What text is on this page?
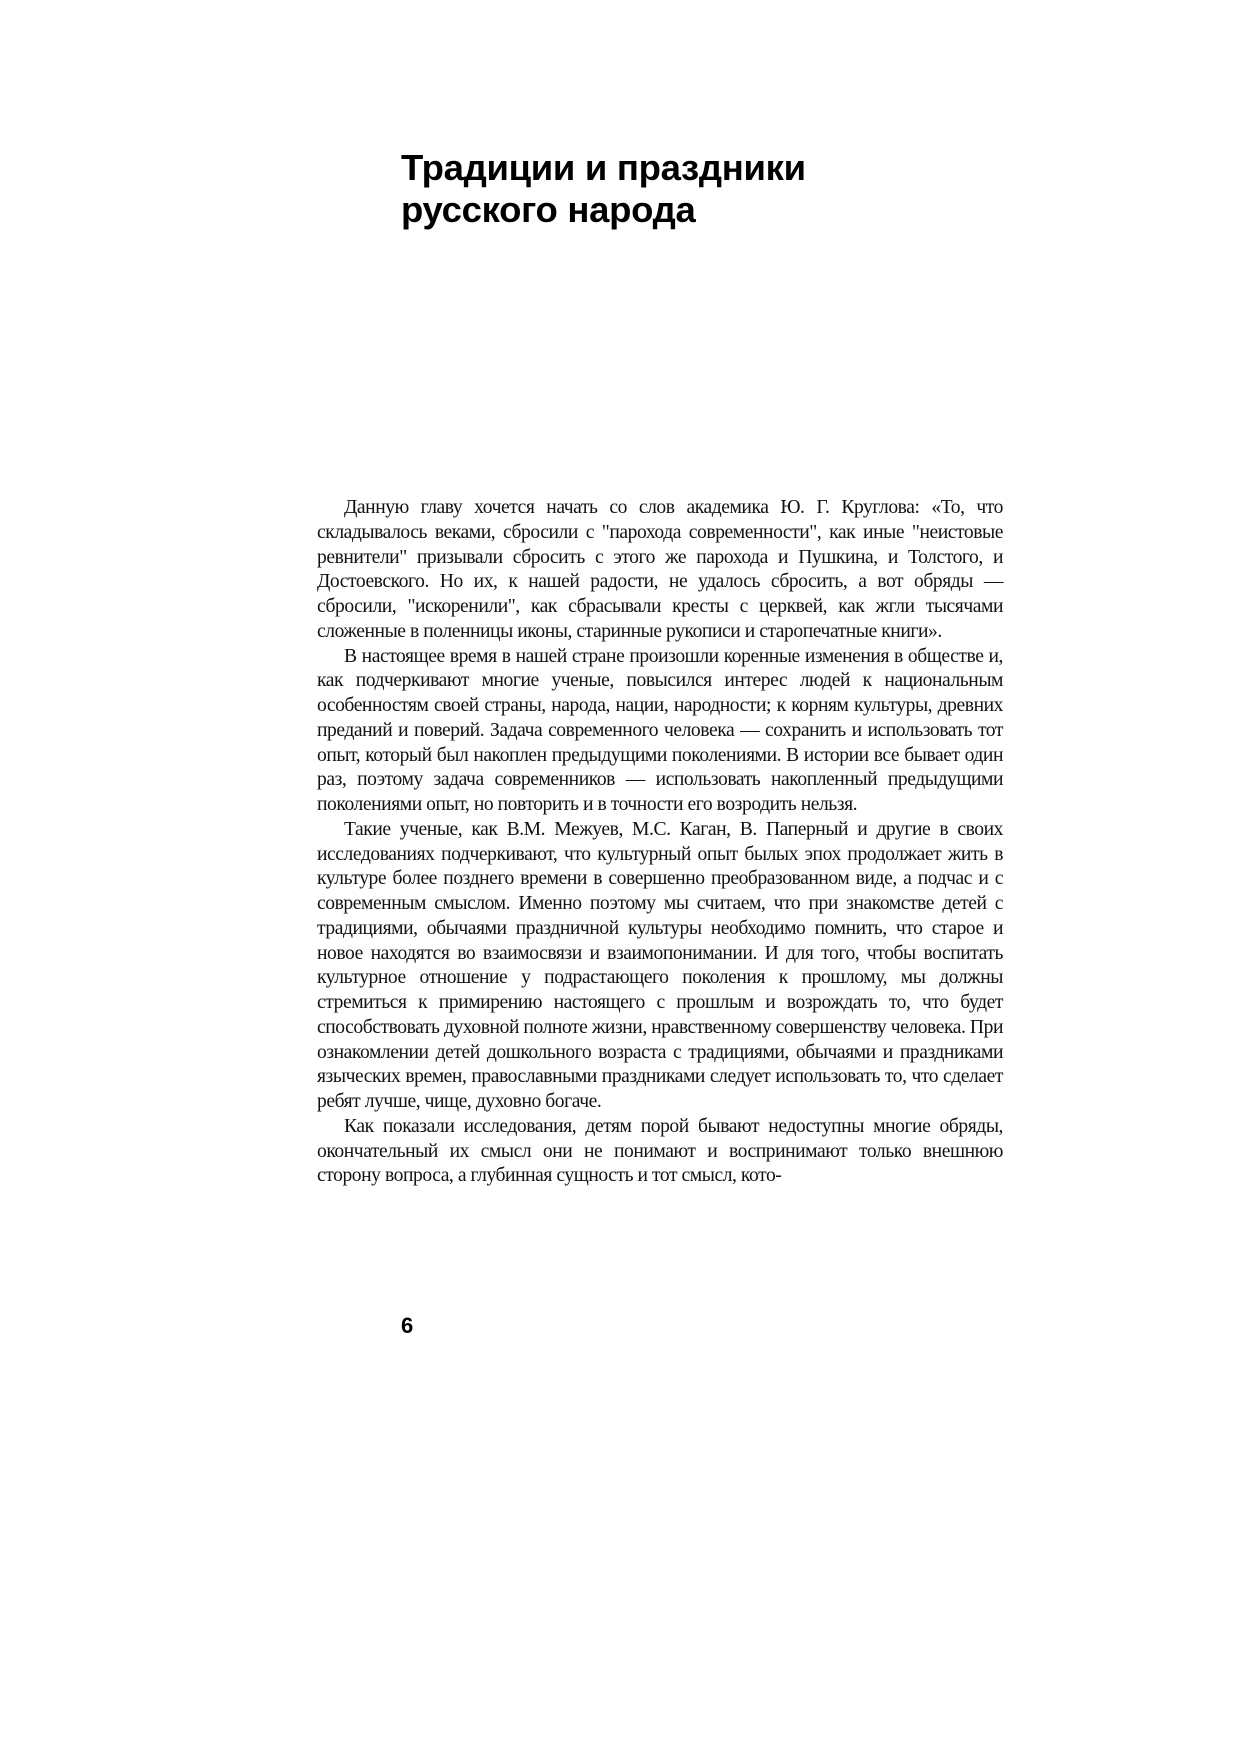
Традиции и праздники
русского народа

Данную главу хочется начать со слов академика Ю. Г. Круглова: «То, что складывалось веками, сбросили с "парохода современности", как иные "неистовые ревнители" призывали сбросить с этого же парохода и Пушкина, и Толстого, и Достоевского. Но их, к нашей радости, не удалось сбросить, а вот обряды — сбросили, "искоренили", как сбрасывали кресты с церквей, как жгли тысячами сложенные в поленницы иконы, старинные рукописи и старопечатные книги».

В настоящее время в нашей стране произошли коренные изменения в обществе и, как подчеркивают многие ученые, повысился интерес людей к национальным особенностям своей страны, народа, нации, народности; к корням культуры, древних преданий и поверий. Задача современного человека — сохранить и использовать тот опыт, который был накоплен предыдущими поколениями. В истории все бывает один раз, поэтому задача современников — использовать накопленный предыдущими поколениями опыт, но повторить и в точности его возродить нельзя.

Такие ученые, как В.М. Межуев, М.С. Каган, В. Паперный и другие в своих исследованиях подчеркивают, что культурный опыт былых эпох продолжает жить в культуре более позднего времени в совершенно преобразованном виде, а подчас и с современным смыслом. Именно поэтому мы считаем, что при знакомстве детей с традициями, обычаями праздничной культуры необходимо помнить, что старое и новое находятся во взаимосвязи и взаимопонимании. И для того, чтобы воспитать культурное отношение у подрастающего поколения к прошлому, мы должны стремиться к примирению настоящего с прошлым и возрождать то, что будет способствовать духовной полноте жизни, нравственному совершенству человека. При ознакомлении детей дошкольного возраста с традициями, обычаями и праздниками языческих времен, православными праздниками следует использовать то, что сделает ребят лучше, чище, духовно богаче.

Как показали исследования, детям порой бывают недоступны многие обряды, окончательный их смысл они не понимают и воспринимают только внешнюю сторону вопроса, а глубинная сущность и тот смысл, кото-

6
